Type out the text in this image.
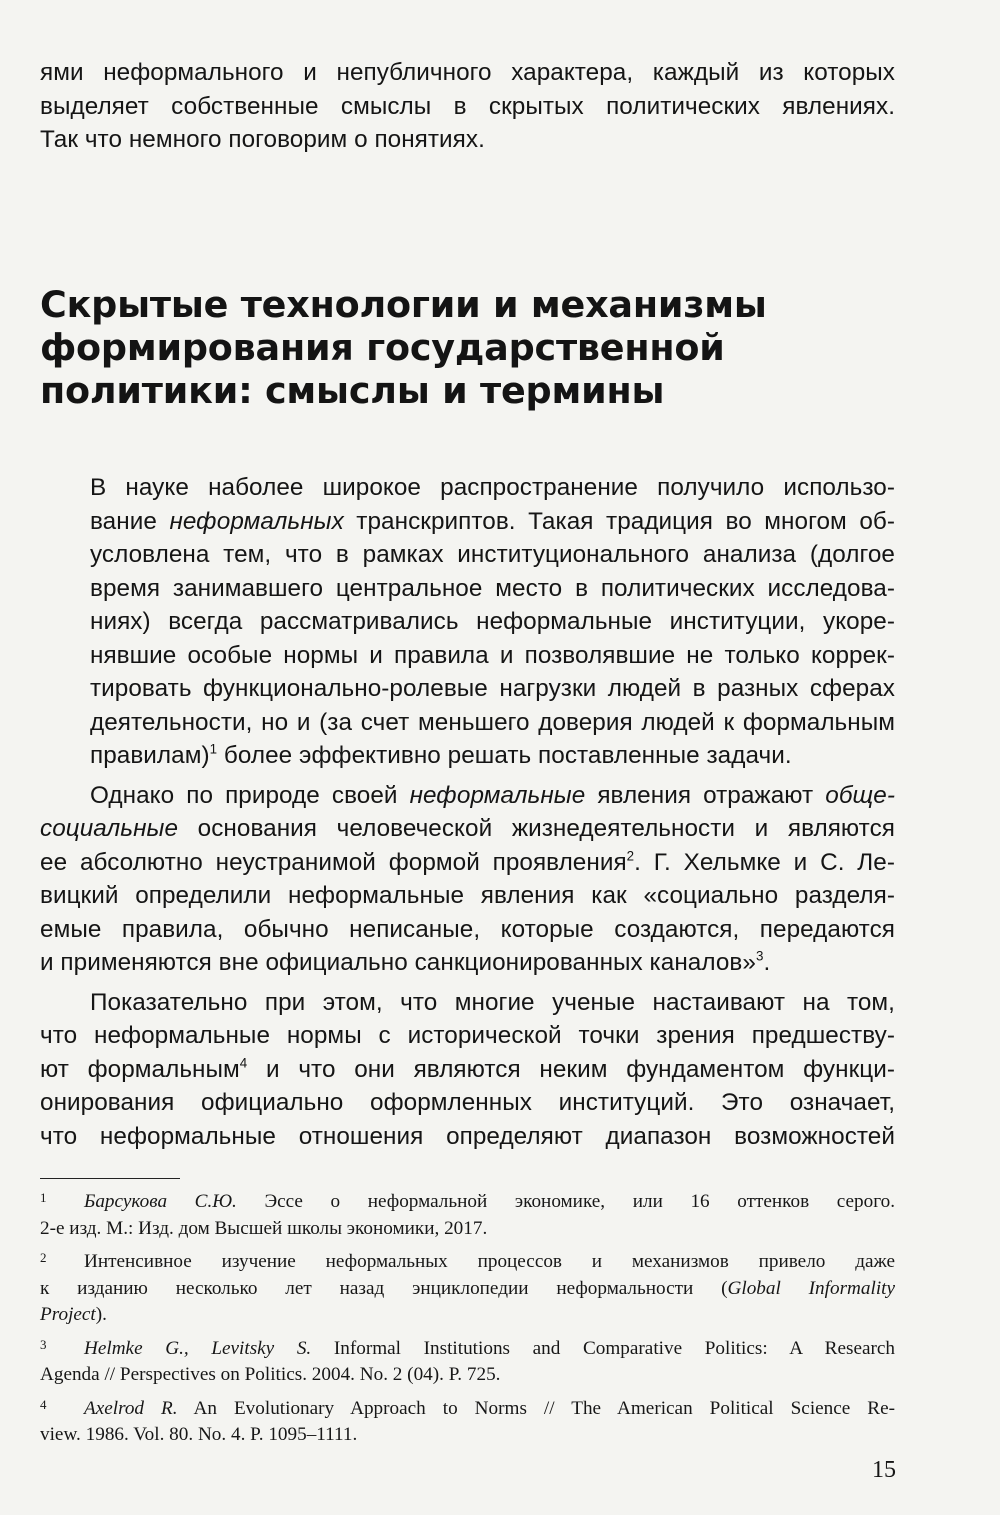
ями неформального и непубличного характера, каждый из которых
выделяет собственные смыслы в скрытых политических явлениях.
Так что немного поговорим о понятиях.
Скрытые технологии и механизмы
формирования государственной
политики: смыслы и термины

В науке наболее широкое распространение получило использо-
вание неформальных транскриптов. Такая традиция во многом об-
условлена тем, что в рамках институционального анализа (долгое
время занимавшего центральное место в политических исследова-
ниях) всегда рассматривались неформальные институции, укоре-
нявшие особые нормы и правила и позволявшие не только коррек-
тировать функционально-ролевые нагрузки людей в разных сферах
деятельности, но и (за счет меньшего доверия людей к формальным
правилам)$^1$ более эффективно решать поставленные задачи.

Однако по природе своей неформальные явления отражают обще-
социальные основания человеческой жизнедеятельности и являются
ее абсолютно неустранимой формой проявления$^2$. Г. Хельмке и С. Ле-
вицкий определили неформальные явления как «социально разделя-
емые правила, обычно неписаные, которые создаются, передаются
и применяются вне официально санкционированных каналов»$^3$.

Показательно при этом, что многие ученые настаивают на том,
что неформальные нормы с исторической точки зрения предшеству-
ют формальным$^4$ и что они являются неким фундаментом функци-
онирования официально оформленных институций. Это означает,
что неформальные отношения определяют диапазон возможностей

1 Барсукова С.Ю. Эссе о неформальной экономике, или 16 оттенков серого.
2-е изд. М.: Изд. дом Высшей школы экономики, 2017.
2 Интенсивное изучение неформальных процессов и механизмов привело даже
к изданию несколько лет назад энциклопедии неформальности (Global Informality
Project).
3 Helmke G., Levitsky S. Informal Institutions and Comparative Politics: A Research
Agenda // Perspectives on Politics. 2004. No. 2 (04). P. 725.
4 Axelrod R. An Evolutionary Approach to Norms // The American Political Science Re-
view. 1986. Vol. 80. No. 4. P. 1095–1111.
15
